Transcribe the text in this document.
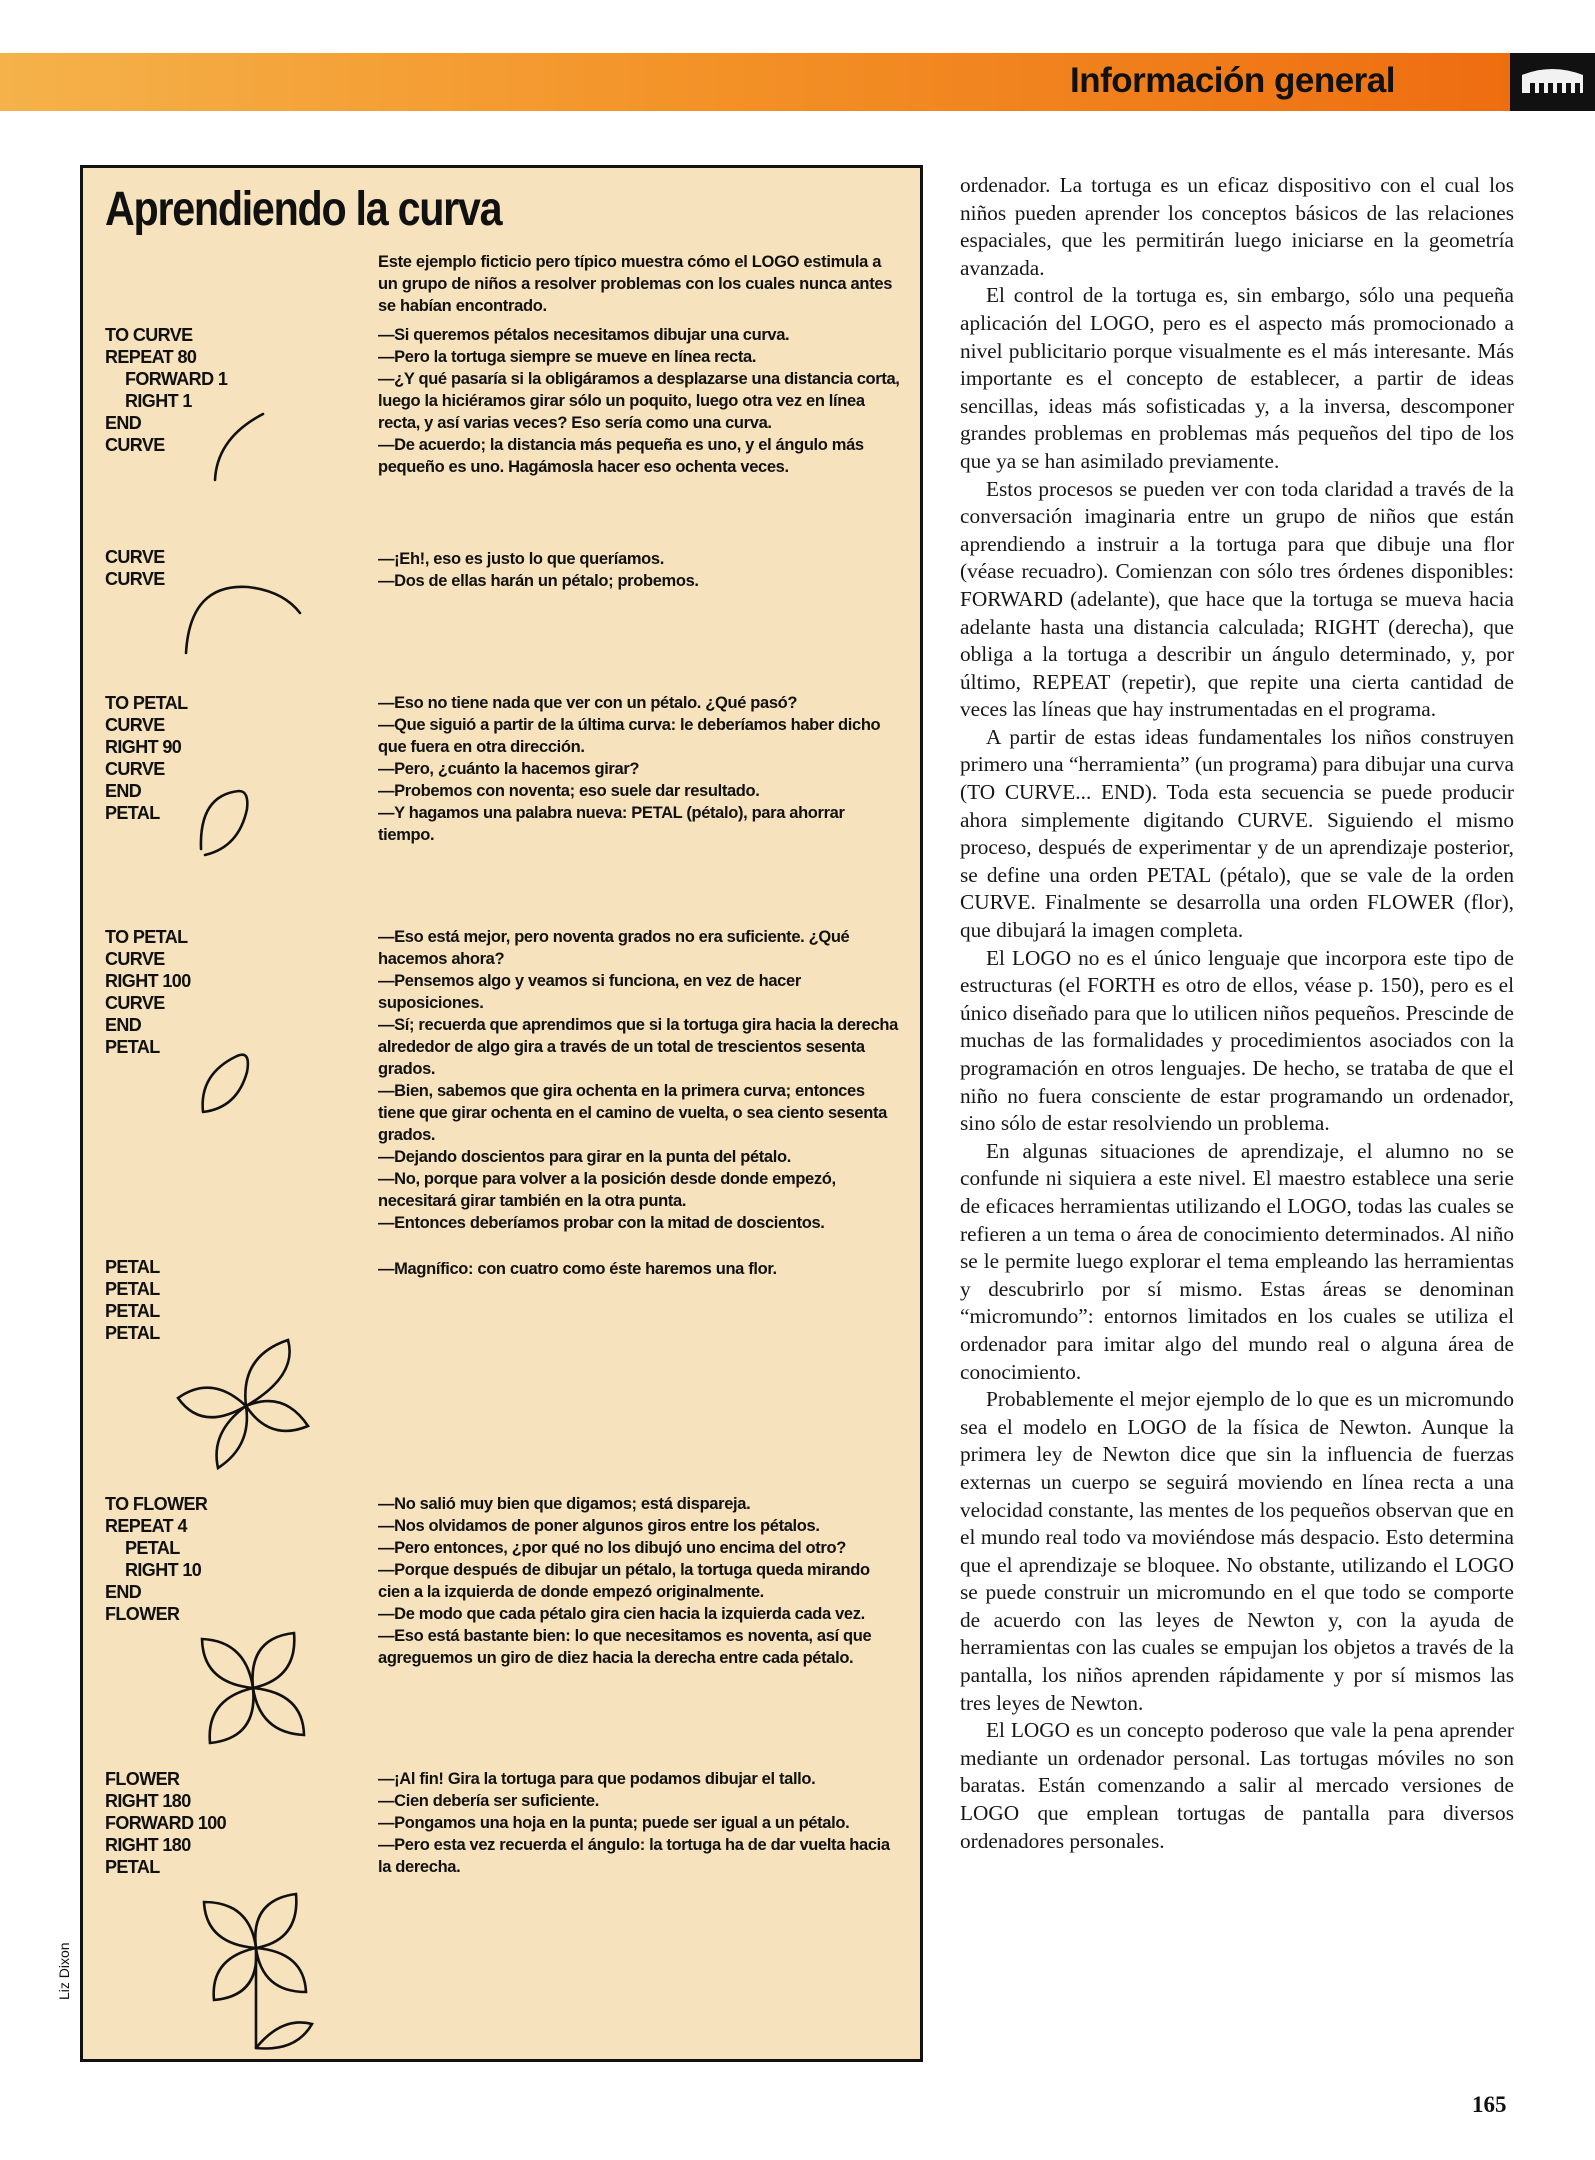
Información general
Aprendiendo la curva

Este ejemplo ficticio pero típico muestra cómo el LOGO estimula a un grupo de niños a resolver problemas con los cuales nunca antes se habían encontrado.

TO CURVE
REPEAT 80
FORWARD 1
RIGHT 1
END
CURVE
—Si queremos pétalos necesitamos dibujar una curva.
—Pero la tortuga siempre se mueve en línea recta.
—¿Y qué pasaría si la obligáramos a desplazarse una distancia corta, luego la hiciéramos girar sólo un poquito, luego otra vez en línea recta, y así varias veces? Eso sería como una curva.
—De acuerdo; la distancia más pequeña es uno, y el ángulo más pequeño es uno. Hagámosla hacer eso ochenta veces.
CURVE
CURVE
—¡Eh!, eso es justo lo que queríamos.
—Dos de ellas harán un pétalo; probemos.
TO PETAL
CURVE
RIGHT 90
CURVE
END
PETAL
—Eso no tiene nada que ver con un pétalo. ¿Qué pasó?
—Que siguió a partir de la última curva: le deberíamos haber dicho que fuera en otra dirección.
—Pero, ¿cuánto la hacemos girar?
—Probemos con noventa; eso suele dar resultado.
—Y hagamos una palabra nueva: PETAL (pétalo), para ahorrar tiempo.
TO PETAL
CURVE
RIGHT 100
CURVE
END
PETAL
—Eso está mejor, pero noventa grados no era suficiente. ¿Qué hacemos ahora?
—Pensemos algo y veamos si funciona, en vez de hacer suposiciones.
—Sí; recuerda que aprendimos que si la tortuga gira hacia la derecha alrededor de algo gira a través de un total de trescientos sesenta grados.
—Bien, sabemos que gira ochenta en la primera curva; entonces tiene que girar ochenta en el camino de vuelta, o sea ciento sesenta grados.
—Dejando doscientos para girar en la punta del pétalo.
—No, porque para volver a la posición desde donde empezó, necesitará girar también en la otra punta.
—Entonces deberíamos probar con la mitad de doscientos.
PETAL
PETAL
PETAL
PETAL
—Magnífico: con cuatro como éste haremos una flor.
TO FLOWER
REPEAT 4
PETAL
RIGHT 10
END
FLOWER
—No salió muy bien que digamos; está dispareja.
—Nos olvidamos de poner algunos giros entre los pétalos.
—Pero entonces, ¿por qué no los dibujó uno encima del otro?
—Porque después de dibujar un pétalo, la tortuga queda mirando cien a la izquierda de donde empezó originalmente.
—De modo que cada pétalo gira cien hacia la izquierda cada vez.
—Eso está bastante bien: lo que necesitamos es noventa, así que agreguemos un giro de diez hacia la derecha entre cada pétalo.
FLOWER
RIGHT 180
FORWARD 100
RIGHT 180
PETAL
—¡Al fin! Gira la tortuga para que podamos dibujar el tallo.
—Cien debería ser suficiente.
—Pongamos una hoja en la punta; puede ser igual a un pétalo.
—Pero esta vez recuerda el ángulo: la tortuga ha de dar vuelta hacia la derecha.
Liz Dixon

ordenador. La tortuga es un eficaz dispositivo con el cual los niños pueden aprender los conceptos básicos de las relaciones espaciales, que les permitirán luego iniciarse en la geometría avanzada.

El control de la tortuga es, sin embargo, sólo una pequeña aplicación del LOGO, pero es el aspecto más promocionado a nivel publicitario porque visualmente es el más interesante. Más importante es el concepto de establecer, a partir de ideas sencillas, ideas más sofisticadas y, a la inversa, descomponer grandes problemas en problemas más pequeños del tipo de los que ya se han asimilado previamente.

Estos procesos se pueden ver con toda claridad a través de la conversación imaginaria entre un grupo de niños que están aprendiendo a instruir a la tortuga para que dibuje una flor (véase recuadro). Comienzan con sólo tres órdenes disponibles: FORWARD (adelante), que hace que la tortuga se mueva hacia adelante hasta una distancia calculada; RIGHT (derecha), que obliga a la tortuga a describir un ángulo determinado, y, por último, REPEAT (repetir), que repite una cierta cantidad de veces las líneas que hay instrumentadas en el programa.

A partir de estas ideas fundamentales los niños construyen primero una “herramienta” (un programa) para dibujar una curva (TO CURVE... END). Toda esta secuencia se puede producir ahora simplemente digitando CURVE. Siguiendo el mismo proceso, después de experimentar y de un aprendizaje posterior, se define una orden PETAL (pétalo), que se vale de la orden CURVE. Finalmente se desarrolla una orden FLOWER (flor), que dibujará la imagen completa.

El LOGO no es el único lenguaje que incorpora este tipo de estructuras (el FORTH es otro de ellos, véase p. 150), pero es el único diseñado para que lo utilicen niños pequeños. Prescinde de muchas de las formalidades y procedimientos asociados con la programación en otros lenguajes. De hecho, se trataba de que el niño no fuera consciente de estar programando un ordenador, sino sólo de estar resolviendo un problema.

En algunas situaciones de aprendizaje, el alumno no se confunde ni siquiera a este nivel. El maestro establece una serie de eficaces herramientas utilizando el LOGO, todas las cuales se refieren a un tema o área de conocimiento determinados. Al niño se le permite luego explorar el tema empleando las herramientas y descubrirlo por sí mismo. Estas áreas se denominan “micromundo”: entornos limitados en los cuales se utiliza el ordenador para imitar algo del mundo real o alguna área de conocimiento.

Probablemente el mejor ejemplo de lo que es un micromundo sea el modelo en LOGO de la física de Newton. Aunque la primera ley de Newton dice que sin la influencia de fuerzas externas un cuerpo se seguirá moviendo en línea recta a una velocidad constante, las mentes de los pequeños observan que en el mundo real todo va moviéndose más despacio. Esto determina que el aprendizaje se bloquee. No obstante, utilizando el LOGO se puede construir un micromundo en el que todo se comporte de acuerdo con las leyes de Newton y, con la ayuda de herramientas con las cuales se empujan los objetos a través de la pantalla, los niños aprenden rápidamente y por sí mismos las tres leyes de Newton.

El LOGO es un concepto poderoso que vale la pena aprender mediante un ordenador personal. Las tortugas móviles no son baratas. Están comenzando a salir al mercado versiones de LOGO que emplean tortugas de pantalla para diversos ordenadores personales.

165
